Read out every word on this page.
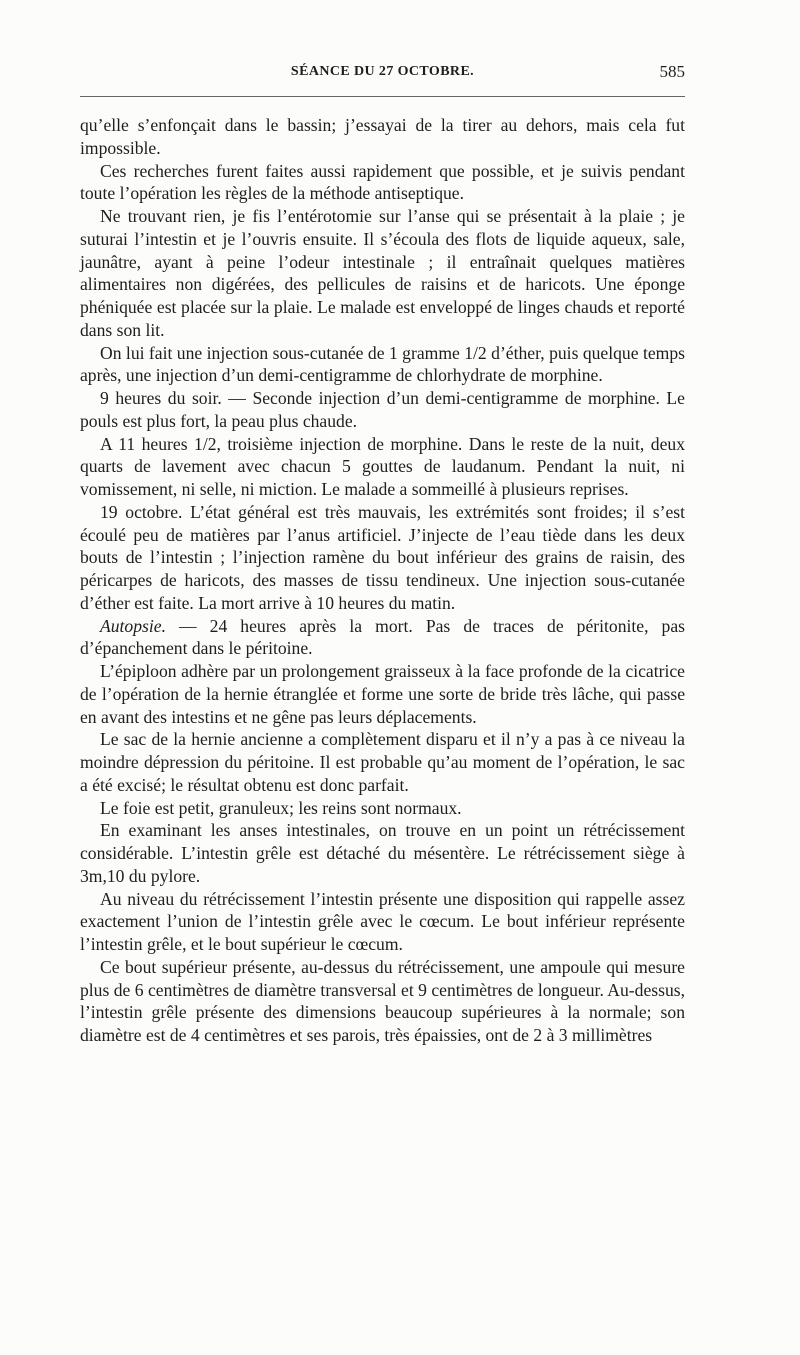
SÉANCE DU 27 OCTOBRE.	585

qu’elle s’enfonçait dans le bassin; j’essayai de la tirer au dehors, mais cela fut impossible.

Ces recherches furent faites aussi rapidement que possible, et je suivis pendant toute l’opération les règles de la méthode antiseptique.

Ne trouvant rien, je fis l’entérotomie sur l’anse qui se présentait à la plaie ; je suturai l’intestin et je l’ouvris ensuite. Il s’écoula des flots de liquide aqueux, sale, jaunâtre, ayant à peine l’odeur intestinale ; il entraînait quelques matières alimentaires non digérées, des pellicules de raisins et de haricots. Une éponge phéniquée est placée sur la plaie. Le malade est enveloppé de linges chauds et reporté dans son lit.

On lui fait une injection sous-cutanée de 1 gramme 1/2 d’éther, puis quelque temps après, une injection d’un demi-centigramme de chlorhydrate de morphine.

9 heures du soir. — Seconde injection d’un demi-centigramme de morphine. Le pouls est plus fort, la peau plus chaude.

A 11 heures 1/2, troisième injection de morphine. Dans le reste de la nuit, deux quarts de lavement avec chacun 5 gouttes de laudanum. Pendant la nuit, ni vomissement, ni selle, ni miction. Le malade a sommeillé à plusieurs reprises.

19 octobre. L’état général est très mauvais, les extrémités sont froides; il s’est écoulé peu de matières par l’anus artificiel. J’injecte de l’eau tiède dans les deux bouts de l’intestin ; l’injection ramène du bout inférieur des grains de raisin, des péricarpes de haricots, des masses de tissu tendineux. Une injection sous-cutanée d’éther est faite. La mort arrive à 10 heures du matin.

Autopsie. — 24 heures après la mort. Pas de traces de péritonite, pas d’épanchement dans le péritoine.

L’épiploon adhère par un prolongement graisseux à la face profonde de la cicatrice de l’opération de la hernie étranglée et forme une sorte de bride très lâche, qui passe en avant des intestins et ne gêne pas leurs déplacements.

Le sac de la hernie ancienne a complètement disparu et il n’y a pas à ce niveau la moindre dépression du péritoine. Il est probable qu’au moment de l’opération, le sac a été excisé; le résultat obtenu est donc parfait.

Le foie est petit, granuleux; les reins sont normaux.

En examinant les anses intestinales, on trouve en un point un rétrécissement considérable. L’intestin grêle est détaché du mésentère. Le rétrécissement siège à 3m,10 du pylore.

Au niveau du rétrécissement l’intestin présente une disposition qui rappelle assez exactement l’union de l’intestin grêle avec le cœcum. Le bout inférieur représente l’intestin grêle, et le bout supérieur le cœcum.

Ce bout supérieur présente, au-dessus du rétrécissement, une ampoule qui mesure plus de 6 centimètres de diamètre transversal et 9 centimètres de longueur. Au-dessus, l’intestin grêle présente des dimensions beaucoup supérieures à la normale; son diamètre est de 4 centimètres et ses parois, très épaissies, ont de 2 à 3 millimètres
